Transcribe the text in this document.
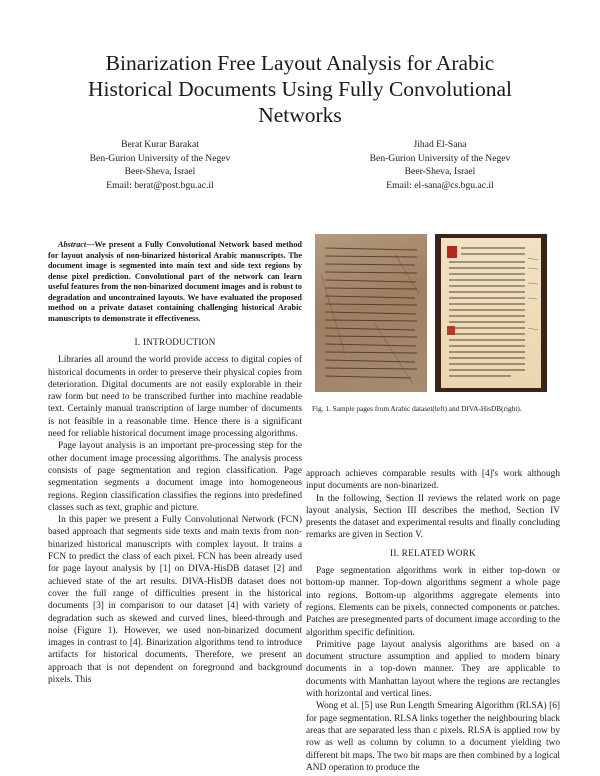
Binarization Free Layout Analysis for Arabic
Historical Documents Using Fully Convolutional
Networks
Berat Kurar Barakat
Ben-Gurion University of the Negev
Beer-Sheva, Israel
Email: berat@post.bgu.ac.il
Jihad El-Sana
Ben-Gurion University of the Negev
Beer-Sheva, Israel
Email: el-sana@cs.bgu.ac.il
Abstract—We present a Fully Convolutional Network based method for layout analysis of non-binarized historical Arabic manuscripts. The document image is segmented into main text and side text regions by dense pixel prediction. Convolutional part of the network can learn useful features from the non-binarized document images and is robust to degradation and uncontrained layouts. We have evaluated the proposed method on a private dataset containing challenging historical Arabic manuscripts to demonstrate it effectiveness.
I. INTRODUCTION

Libraries all around the world provide access to digital copies of historical documents in order to preserve their physical copies from deterioration. Digital documents are not easily explorable in their raw form but need to be transcribed further into machine readable text. Certainly manual transcription of large number of documents is not feasible in a reasonable time. Hence there is a significant need for reliable historical document image processing algorithms.

Page layout analysis is an important pre-processing step for the other document image processing algorithms. The analysis process consists of page segmentation and region classification. Page segmentation segments a document image into homogeneous regions. Region classification classifies the regions into predefined classes such as text, graphic and picture.

In this paper we present a Fully Convolutional Network (FCN) based approach that segments side texts and main texts from non-binarized historical manuscripts with complex layout. It trains a FCN to predict the class of each pixel. FCN has been already used for page layout analysis by [1] on DIVA-HisDB dataset [2] and achieved state of the art results. DIVA-HisDB dataset does not cover the full range of difficulties present in the historical documents [3] in comparison to our dataset [4] with variety of degradation such as skewed and curved lines, bleed-through and noise (Figure 1). However, we used non-binarized document images in contrast to [4]. Binarization algorithms tend to introduce artifacts for historical documents. Therefore, we present an approach that is not dependent on foreground and background pixels. This

Fig. 1. Sample pages from Arabic dataset(left) and DIVA-HisDB(right).

approach achieves comparable results with [4]'s work although input documents are non-binarized.

In the following, Section II reviews the related work on page layout analysis, Section III describes the method, Section IV presents the dataset and experimental results and finally concluding remarks are given in Section V.

II. RELATED WORK

Page segmentation algorithms work in either top-down or bottom-up manner. Top-down algorithms segment a whole page into regions. Bottom-up algorithms aggregate elements into regions. Elements can be pixels, connected components or patches. Patches are presegmented parts of document image according to the algorithm specific definition.

Primitive page layout analysis algorithms are based on a document structure assumption and applied to modern binary documents in a top-down manner. They are applicable to documents with Manhattan layout where the regions are rectangles with horizontal and vertical lines.

Wong et al. [5] use Run Length Smearing Algorithm (RLSA) [6] for page segmentation. RLSA links together the neighbouring black areas that are separated less than c pixels. RLSA is applied row by row as well as column by column to a document yielding two different bit maps. The two bit maps are then combined by a logical AND operation to produce the
